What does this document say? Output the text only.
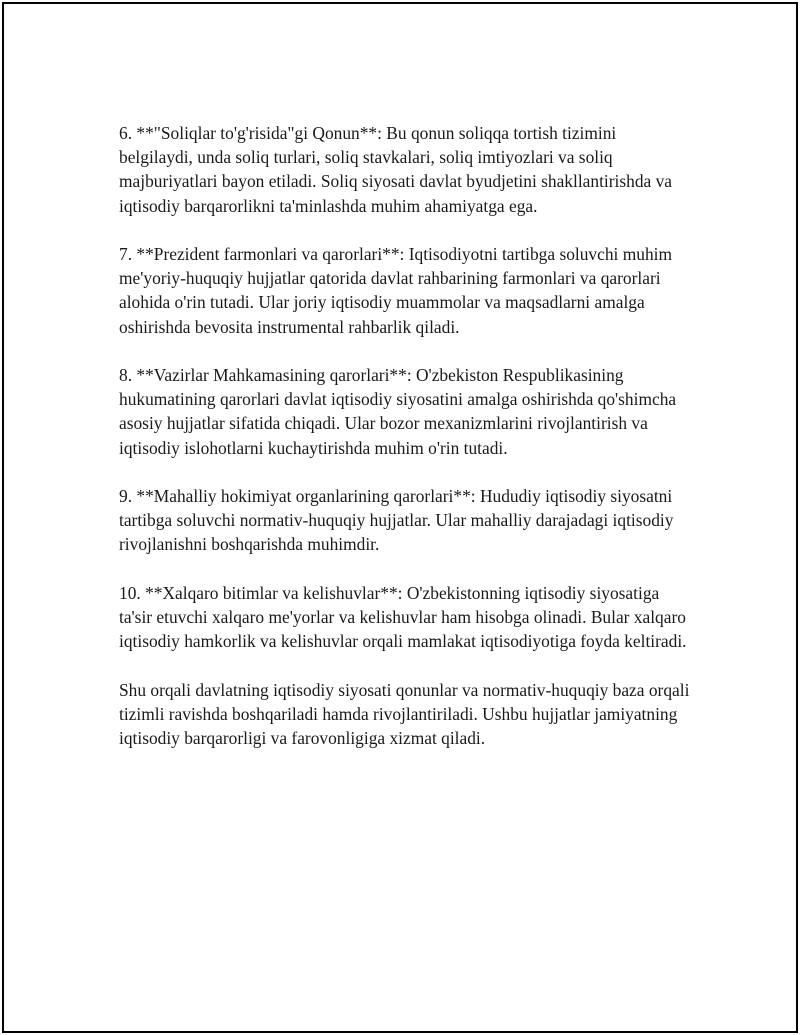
6. **"Soliqlar to'g'risida"gi Qonun**: Bu qonun soliqqa tortish tizimini belgilaydi, unda soliq turlari, soliq stavkalari, soliq imtiyozlari va soliq majburiyatlari bayon etiladi. Soliq siyosati davlat byudjetini shakllantirishda va iqtisodiy barqarorlikni ta'minlashda muhim ahamiyatga ega.

7. **Prezident farmonlari va qarorlari**: Iqtisodiyotni tartibga soluvchi muhim me'yoriy-huquqiy hujjatlar qatorida davlat rahbarining farmonlari va qarorlari alohida o'rin tutadi. Ular joriy iqtisodiy muammolar va maqsadlarni amalga oshirishda bevosita instrumental rahbarlik qiladi.

8. **Vazirlar Mahkamasining qarorlari**: O'zbekiston Respublikasining hukumatining qarorlari davlat iqtisodiy siyosatini amalga oshirishda qo'shimcha asosiy hujjatlar sifatida chiqadi. Ular bozor mexanizmlarini rivojlantirish va iqtisodiy islohotlarni kuchaytirishda muhim o'rin tutadi.

9. **Mahalliy hokimiyat organlarining qarorlari**: Hududiy iqtisodiy siyosatni tartibga soluvchi normativ-huquqiy hujjatlar. Ular mahalliy darajadagi iqtisodiy rivojlanishni boshqarishda muhimdir.

10. **Xalqaro bitimlar va kelishuvlar**: O'zbekistonning iqtisodiy siyosatiga ta'sir etuvchi xalqaro me'yorlar va kelishuvlar ham hisobga olinadi. Bular xalqaro iqtisodiy hamkorlik va kelishuvlar orqali mamlakat iqtisodiyotiga foyda keltiradi.

Shu orqali davlatning iqtisodiy siyosati qonunlar va normativ-huquqiy baza orqali tizimli ravishda boshqariladi hamda rivojlantiriladi. Ushbu hujjatlar jamiyatning iqtisodiy barqarorligi va farovonligiga xizmat qiladi.
